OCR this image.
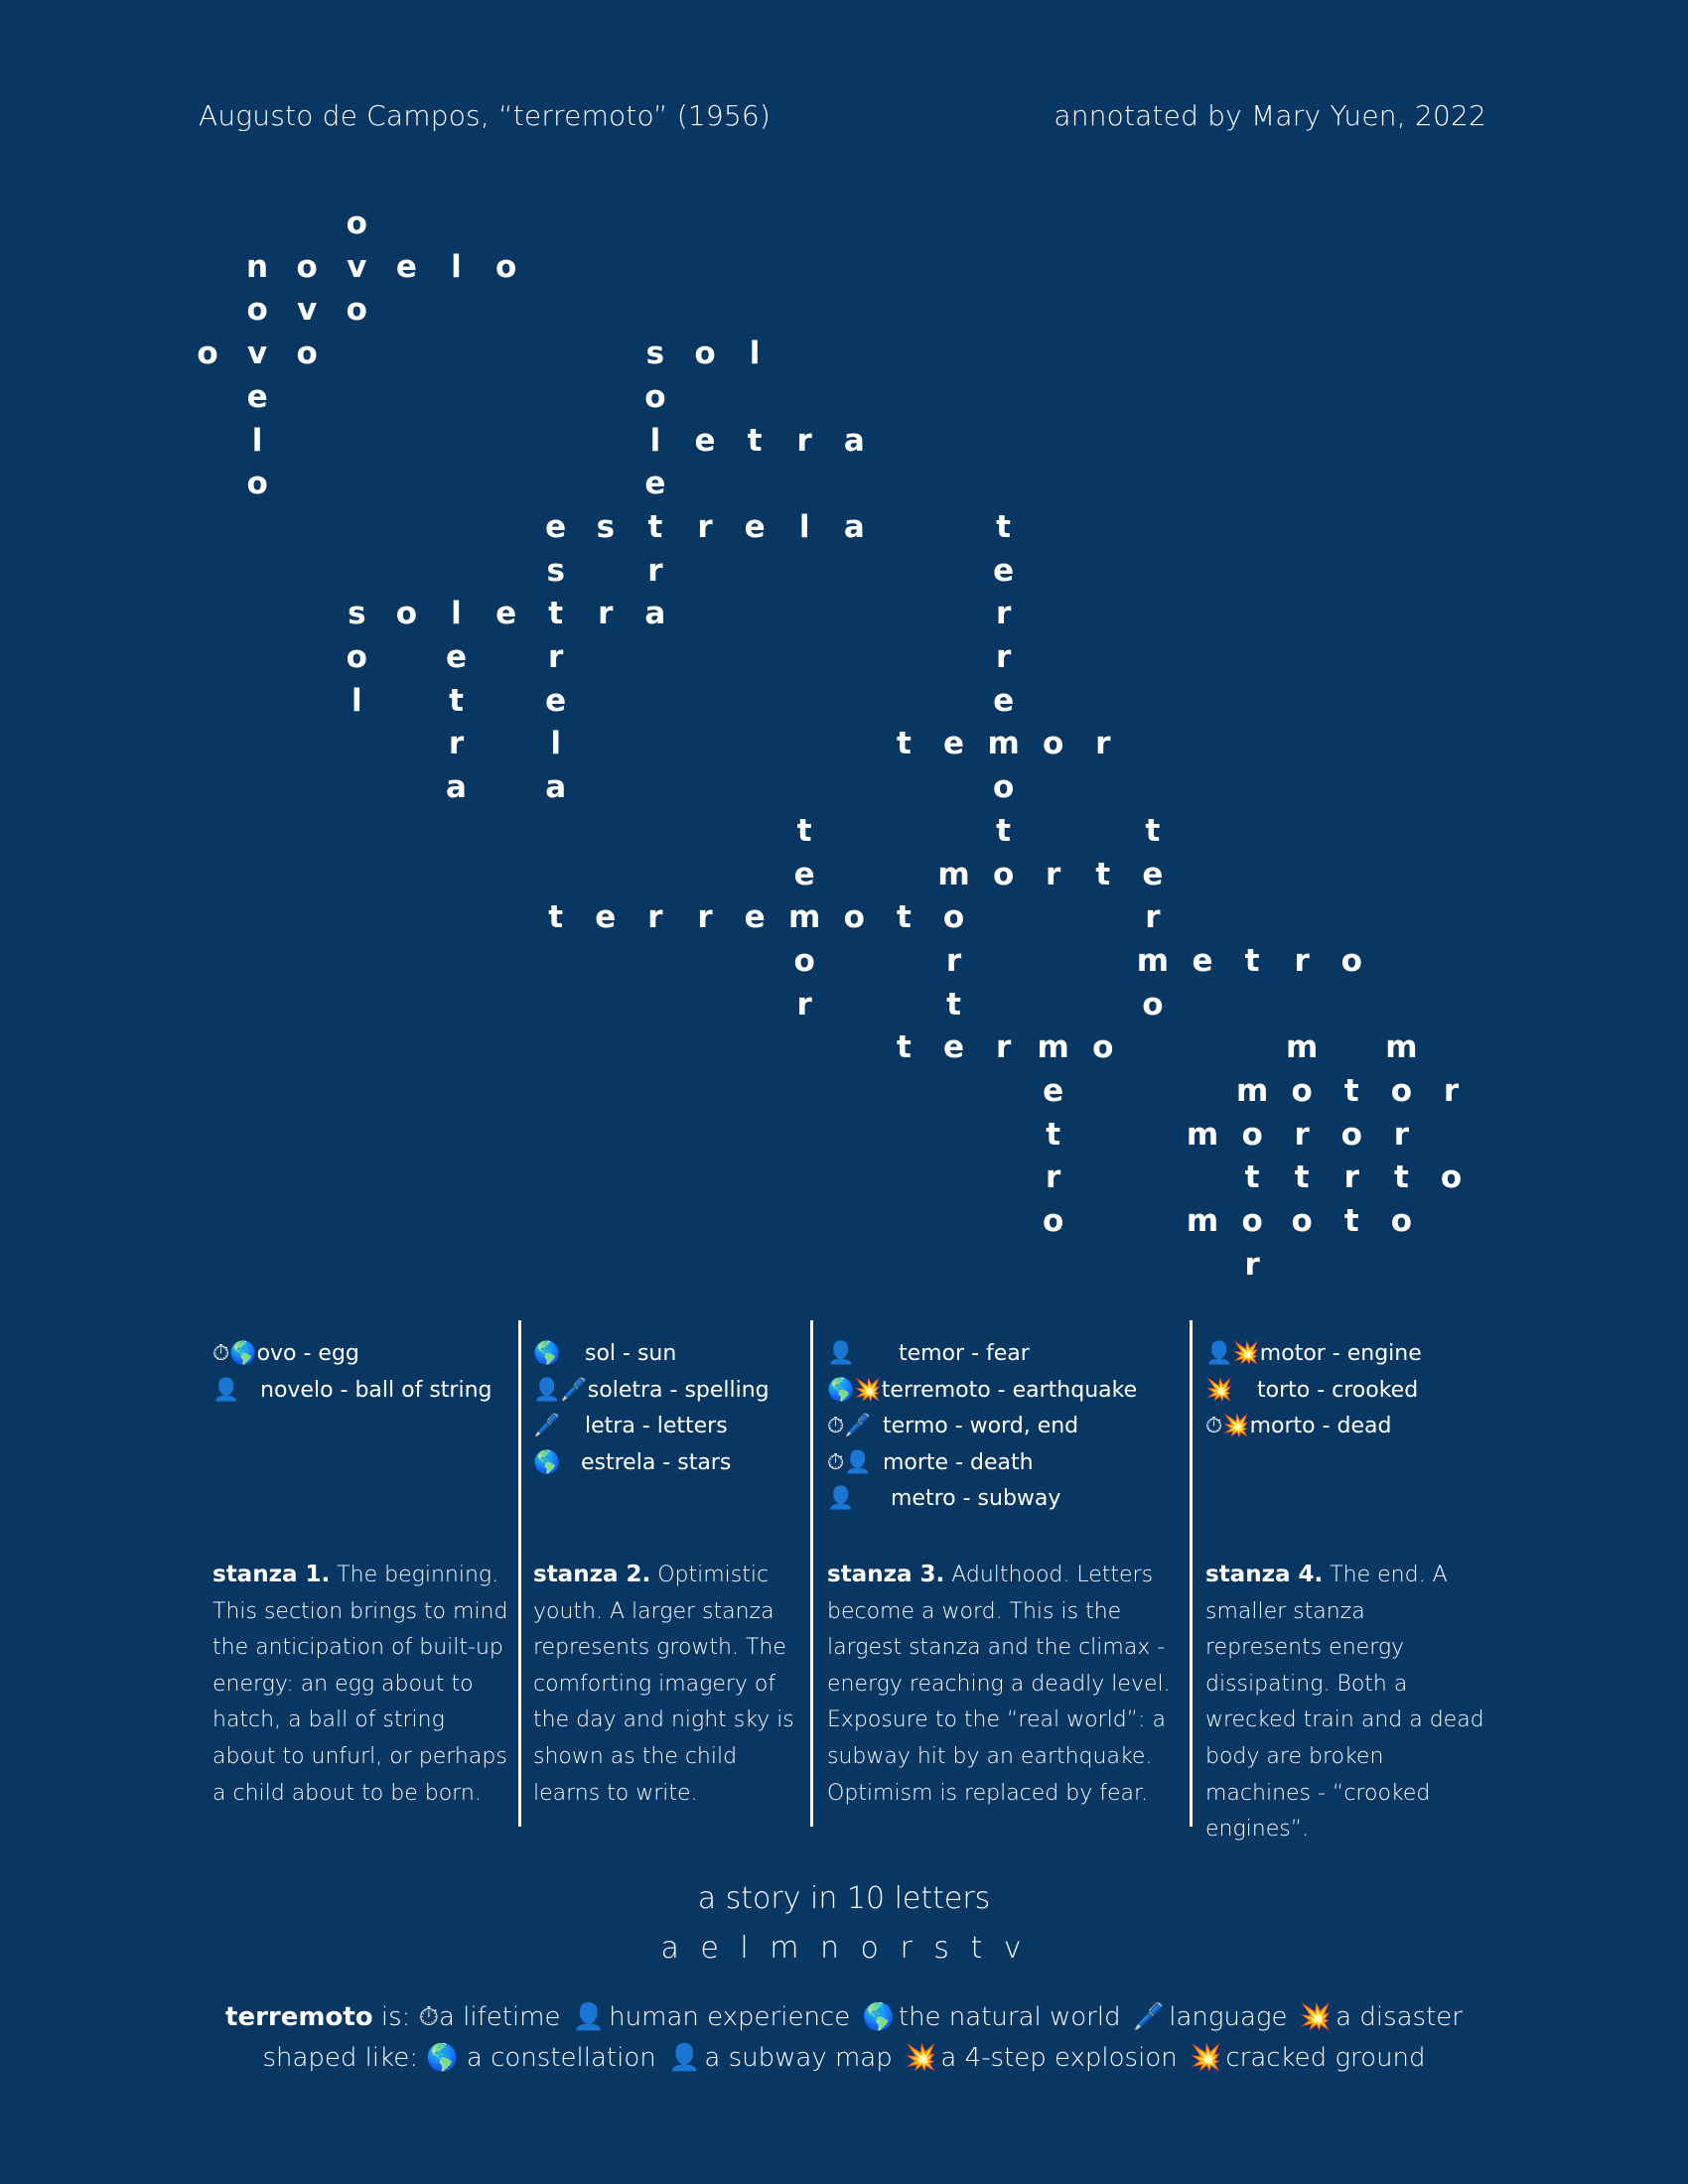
Augusto de Campos, “terremoto” (1956)	annotated by Mary Yuen, 2022
n o v e	l	o
o v o
o v o
o
e
l
o
s o	l
o
l
e
t
r
a
e	t	r	a
e s	r	e	l	a
s
t
r
e
l
a
s o	l	e	r
o
l
e
t
r
a
t
e
r
r
e
m
o
t
o
t	e	o	r
t
e
m
o
r
t	e	r	r	e	o	t	o
m	r	t	e
r
t
e
t
r
m
o
e	t	r	o
t	r m o
e
t
r
o
m o	t	o	r
m o	r	o	r
t	t	r	t	o
m o o	t	o
r
m m
⏱🌎ovo - egg
👤 novelo - ball of string
🌎 sol - sun
👤🖊️soletra - spelling
🖊️ letra - letters
🌎 estrela - stars
👤 temor - fear
🌎💥terremoto - earthquake
⏱🖊️ termo - word, end
⏱👤 morte - death
👤 metro - subway
👤💥motor - engine
💥 torto - crooked
⏱💥morto - dead
stanza 1. The beginning. This section brings to mind the anticipation of built-up energy: an egg about to hatch, a ball of string about to unfurl, or perhaps a child about to be born.
stanza 2. Optimistic youth. A larger stanza represents growth. The comforting imagery of the day and night sky is shown as the child learns to write.
stanza 3. Adulthood. Letters become a word. This is the largest stanza and the climax - energy reaching a deadly level. Exposure to the “real world”: a subway hit by an earthquake. Optimism is replaced by fear.
stanza 4. The end. A smaller stanza represents energy dissipating. Both a wrecked train and a dead body are broken machines - “crooked engines”.
a story in 10 letters
a e l m n o r s t v
terremoto is: ⏱a lifetime 👤 human experience 🌎 the natural world 🖊️ language 💥 a disaster
shaped like: 🌎 a constellation 👤 a subway map 💥 a 4-step explosion 💥 cracked ground
